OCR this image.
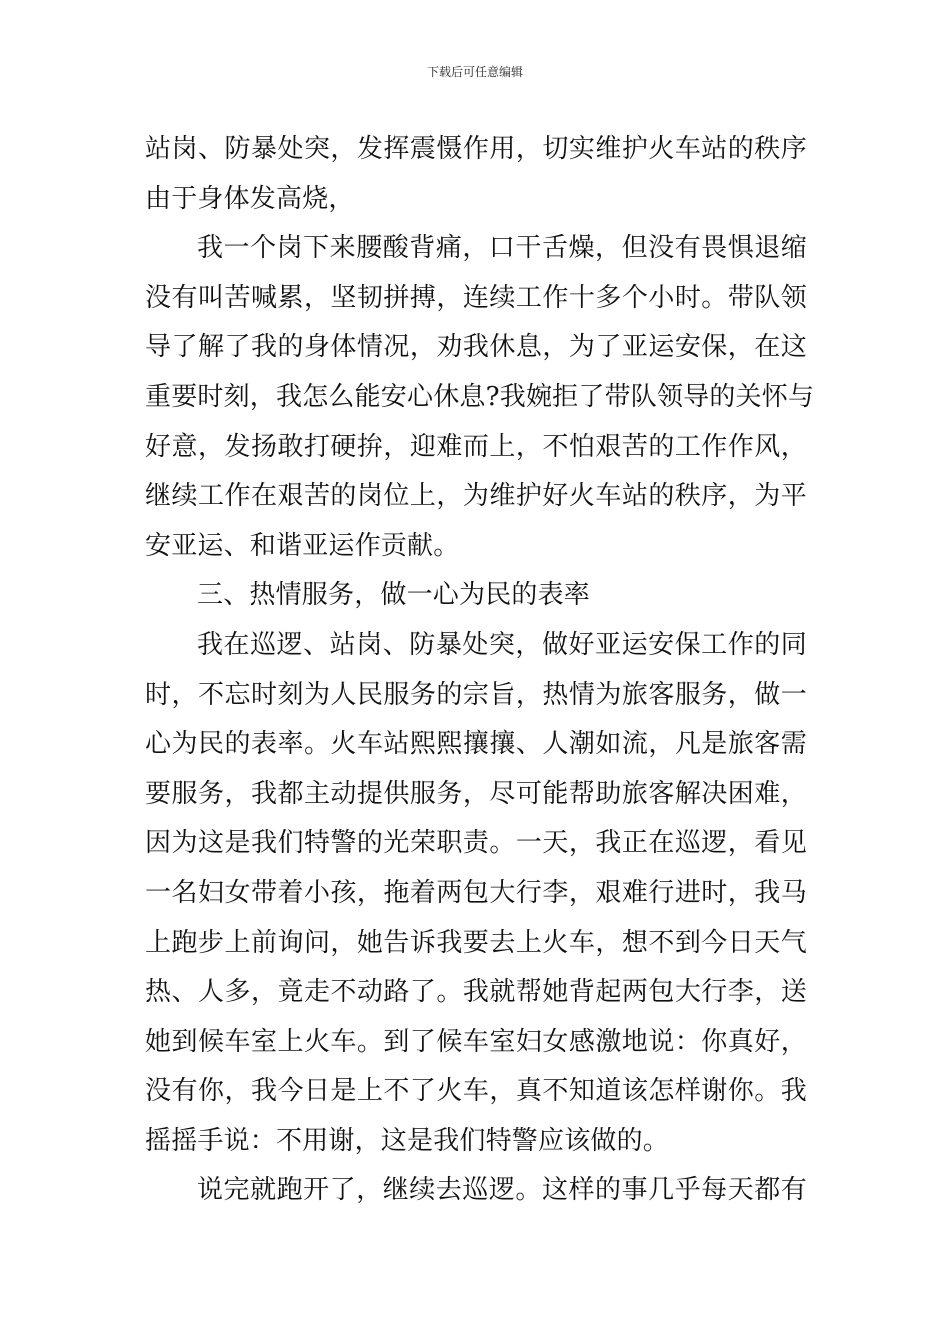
下载后可任意编辑
站岗、防暴处突，发挥震慑作用，切实维护火车站的秩序
由于身体发高烧，
我一个岗下来腰酸背痛，口干舌燥，但没有畏惧退缩
没有叫苦喊累，坚韧拼搏，连续工作十多个小时。带队领
导了解了我的身体情况，劝我休息，为了亚运安保，在这
重要时刻，我怎么能安心休息?我婉拒了带队领导的关怀与
好意，发扬敢打硬拚，迎难而上，不怕艰苦的工作作风，
继续工作在艰苦的岗位上，为维护好火车站的秩序，为平
安亚运、和谐亚运作贡献。
三、热情服务，做一心为民的表率
我在巡逻、站岗、防暴处突，做好亚运安保工作的同
时，不忘时刻为人民服务的宗旨，热情为旅客服务，做一
心为民的表率。火车站熙熙攘攘、人潮如流，凡是旅客需
要服务，我都主动提供服务，尽可能帮助旅客解决困难，
因为这是我们特警的光荣职责。一天，我正在巡逻，看见
一名妇女带着小孩，拖着两包大行李，艰难行进时，我马
上跑步上前询问，她告诉我要去上火车，想不到今日天气
热、人多，竟走不动路了。我就帮她背起两包大行李，送
她到候车室上火车。到了候车室妇女感激地说：你真好，
没有你，我今日是上不了火车，真不知道该怎样谢你。我
摇摇手说：不用谢，这是我们特警应该做的。
说完就跑开了，继续去巡逻。这样的事几乎每天都有
